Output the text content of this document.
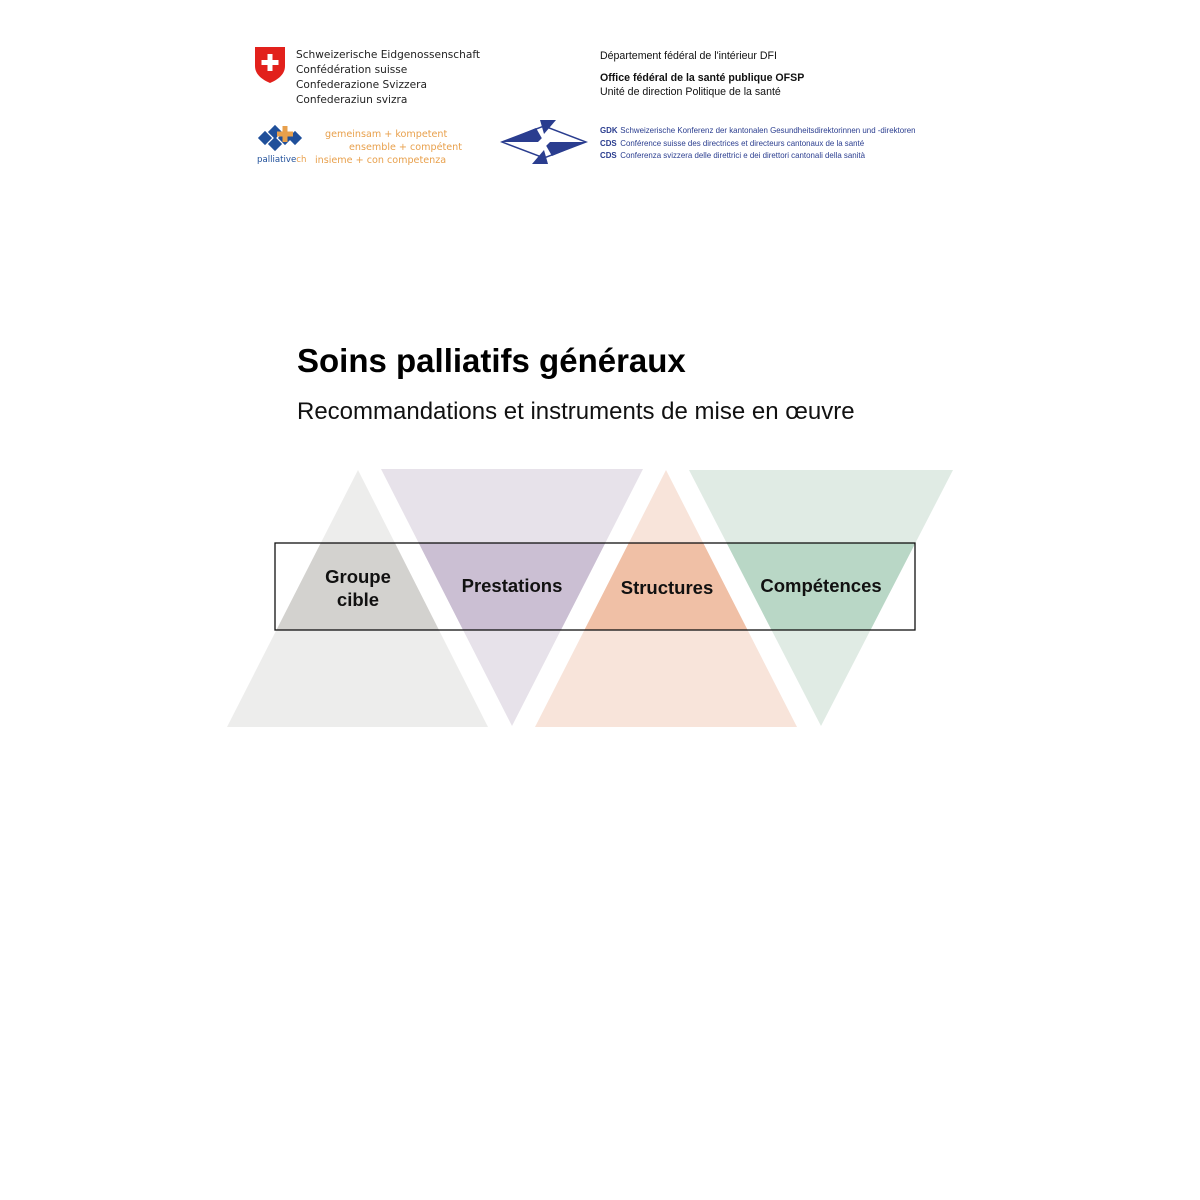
Schweizerische Eidgenossenschaft
Confédération suisse
Confederazione Svizzera
Confederaziun svizra
Département fédéral de l'intérieur DFI
Office fédéral de la santé publique OFSP
Unité de direction Politique de la santé
palliativech
gemeinsam + kompetent
ensemble + compétent
insieme + con competenza
GDK Schweizerische Konferenz der kantonalen Gesundheitsdirektorinnen und -direktoren
CDS Conférence suisse des directrices et directeurs cantonaux de la santé
CDS Conferenza svizzera delle direttrici e dei direttori cantonali della sanità
Soins palliatifs généraux
Recommandations et instruments de mise en œuvre
Groupe
cible
Prestations	Structures	Compétences
